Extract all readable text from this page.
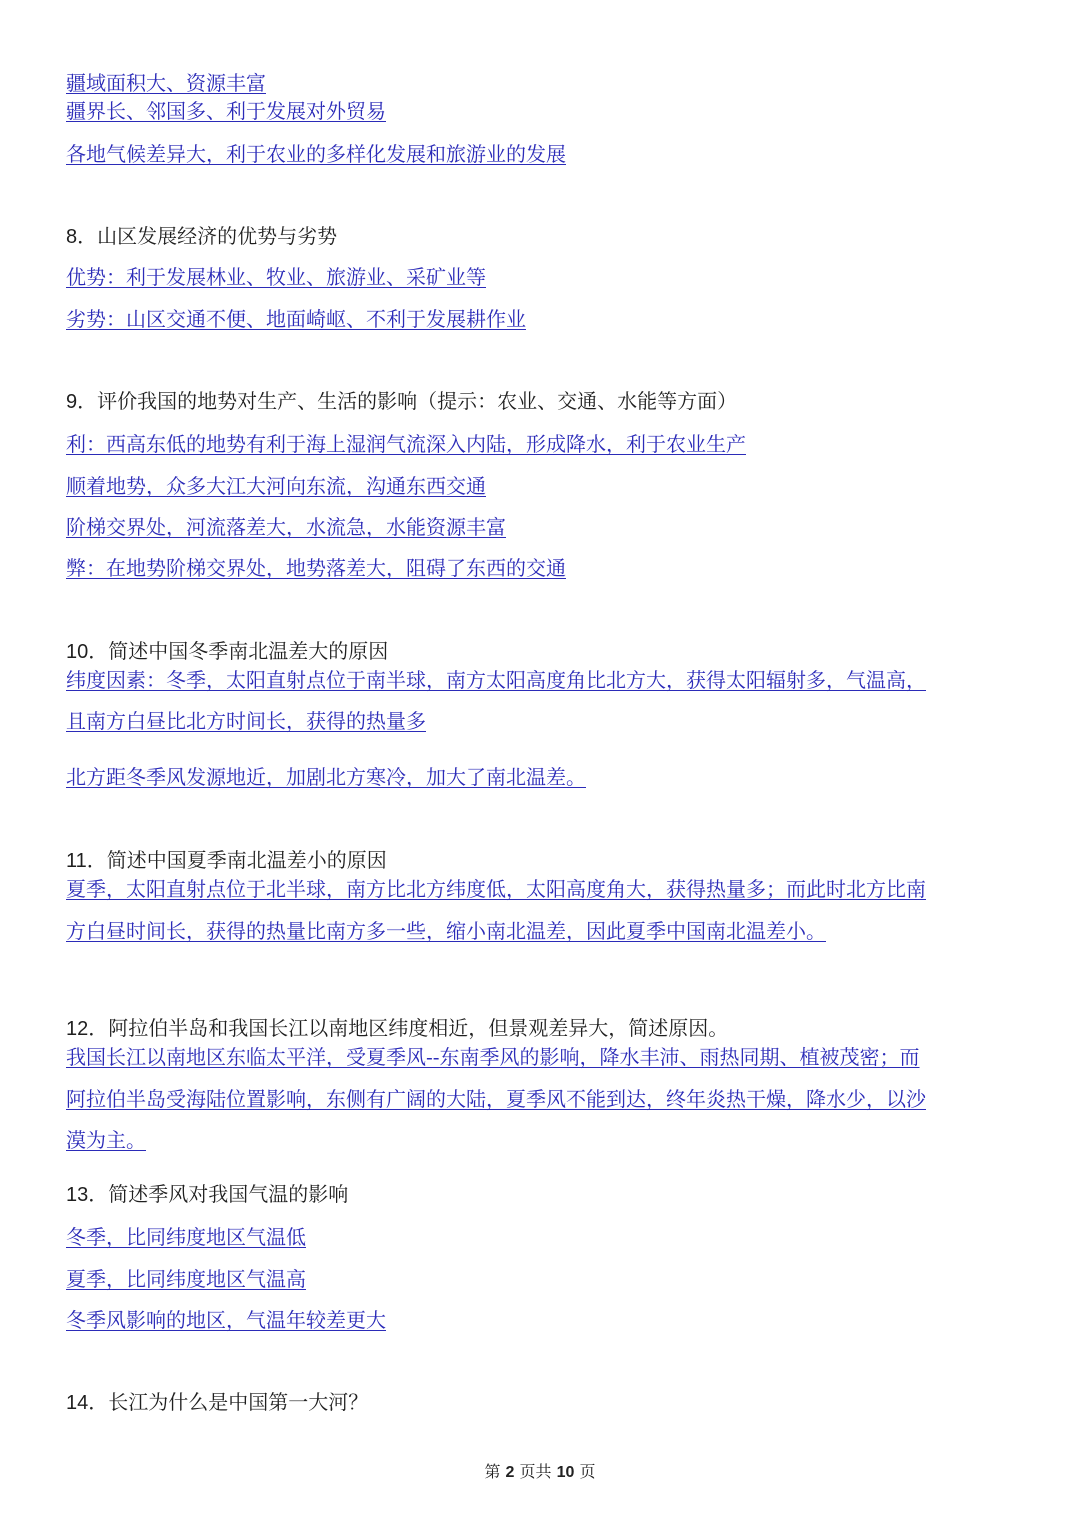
疆域面积大、资源丰富
疆界长、邻国多、利于发展对外贸易
各地气候差异大，利于农业的多样化发展和旅游业的发展
8．山区发展经济的优势与劣势
优势：利于发展林业、牧业、旅游业、采矿业等
劣势：山区交通不便、地面崎岖、不利于发展耕作业
9．评价我国的地势对生产、生活的影响（提示：农业、交通、水能等方面）
利：西高东低的地势有利于海上湿润气流深入内陆，形成降水，利于农业生产
顺着地势，众多大江大河向东流，沟通东西交通
阶梯交界处，河流落差大，水流急，水能资源丰富
弊：在地势阶梯交界处，地势落差大，阻碍了东西的交通
10．简述中国冬季南北温差大的原因
纬度因素：冬季，太阳直射点位于南半球，南方太阳高度角比北方大，获得太阳辐射多，气温高，
且南方白昼比北方时间长，获得的热量多
北方距冬季风发源地近，加剧北方寒冷，加大了南北温差。
11．简述中国夏季南北温差小的原因
夏季，太阳直射点位于北半球，南方比北方纬度低，太阳高度角大，获得热量多；而此时北方比南
方白昼时间长，获得的热量比南方多一些，缩小南北温差，因此夏季中国南北温差小。
12．阿拉伯半岛和我国长江以南地区纬度相近，但景观差异大，简述原因。
我国长江以南地区东临太平洋，受夏季风--东南季风的影响，降水丰沛、雨热同期、植被茂密；而
阿拉伯半岛受海陆位置影响，东侧有广阔的大陆，夏季风不能到达，终年炎热干燥，降水少，以沙
漠为主。
13．简述季风对我国气温的影响
冬季，比同纬度地区气温低
夏季，比同纬度地区气温高
冬季风影响的地区，气温年较差更大
14．长江为什么是中国第一大河？
第 2 页共 10 页
